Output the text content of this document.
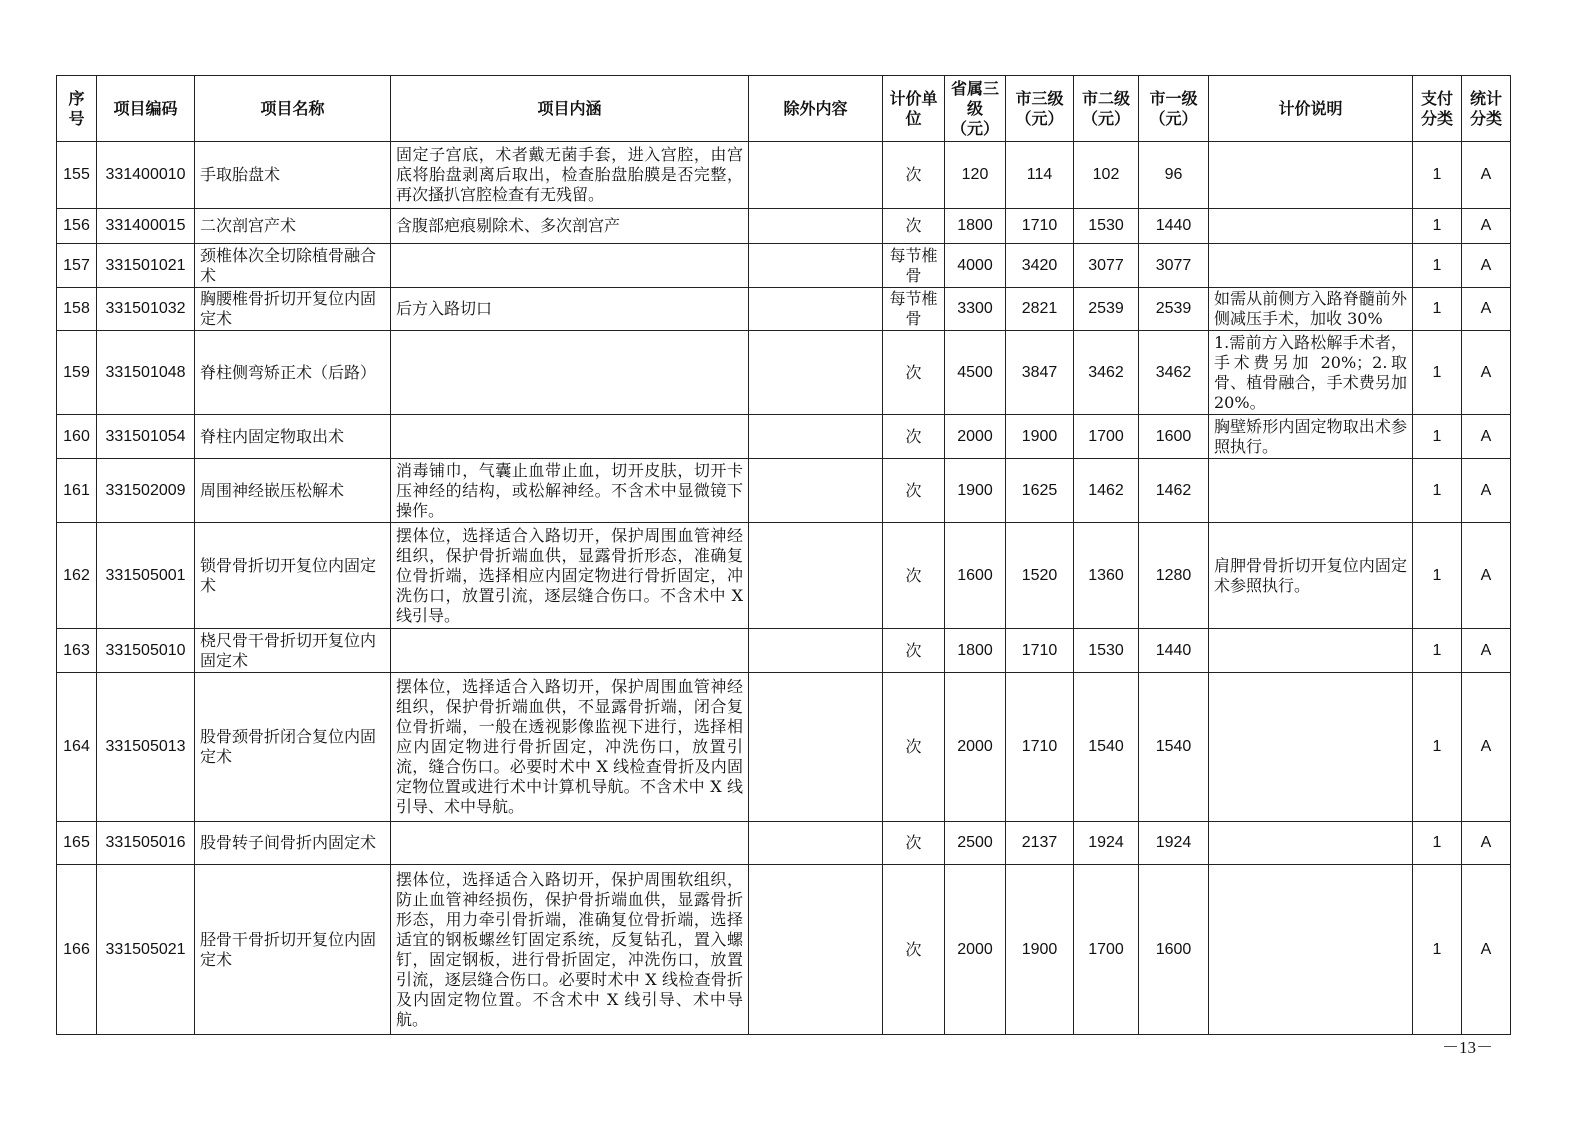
序号	项目编码	项目名称	项目内涵	除外内容	计价单位	省属三级（元）	市三级（元）	市二级（元）	市一级（元）	计价说明	支付分类	统计分类
155	331400010	手取胎盘术	固定子宫底，术者戴无菌手套，进入宫腔，由宫底将胎盘剥离后取出，检查胎盘胎膜是否完整，再次搔扒宫腔检查有无残留。		次	120	114	102	96		1	A
156	331400015	二次剖宫产术	含腹部疤痕剔除术、多次剖宫产		次	1800	1710	1530	1440		1	A
157	331501021	颈椎体次全切除植骨融合术			每节椎骨	4000	3420	3077	3077		1	A
158	331501032	胸腰椎骨折切开复位内固定术	后方入路切口		每节椎骨	3300	2821	2539	2539	如需从前侧方入路脊髓前外侧减压手术，加收 30%	1	A
159	331501048	脊柱侧弯矫正术（后路）			次	4500	3847	3462	3462	1.需前方入路松解手术者，手术费另加 20%；2.取骨、植骨融合，手术费另加 20%。	1	A
160	331501054	脊柱内固定物取出术			次	2000	1900	1700	1600	胸壁矫形内固定物取出术参照执行。	1	A
161	331502009	周围神经嵌压松解术	消毒铺巾，气囊止血带止血，切开皮肤，切开卡压神经的结构，或松解神经。不含术中显微镜下操作。		次	1900	1625	1462	1462		1	A
162	331505001	锁骨骨折切开复位内固定术	摆体位，选择适合入路切开，保护周围血管神经组织，保护骨折端血供，显露骨折形态，准确复位骨折端，选择相应内固定物进行骨折固定，冲洗伤口，放置引流，逐层缝合伤口。不含术中 X 线引导。		次	1600	1520	1360	1280	肩胛骨骨折切开复位内固定术参照执行。	1	A
163	331505010	桡尺骨干骨折切开复位内固定术			次	1800	1710	1530	1440		1	A
164	331505013	股骨颈骨折闭合复位内固定术	摆体位，选择适合入路切开，保护周围血管神经组织，保护骨折端血供，不显露骨折端，闭合复位骨折端，一般在透视影像监视下进行，选择相应内固定物进行骨折固定，冲洗伤口，放置引流，缝合伤口。必要时术中 X 线检查骨折及内固定物位置或进行术中计算机导航。不含术中 X 线引导、术中导航。		次	2000	1710	1540	1540		1	A
165	331505016	股骨转子间骨折内固定术			次	2500	2137	1924	1924		1	A
166	331505021	胫骨干骨折切开复位内固定术	摆体位，选择适合入路切开，保护周围软组织，防止血管神经损伤，保护骨折端血供，显露骨折形态，用力牵引骨折端，准确复位骨折端，选择适宜的钢板螺丝钉固定系统，反复钻孔，置入螺钉，固定钢板，进行骨折固定，冲洗伤口，放置引流，逐层缝合伤口。必要时术中 X 线检查骨折及内固定物位置。不含术中 X 线引导、术中导航。		次	2000	1900	1700	1600		1	A
－13－
